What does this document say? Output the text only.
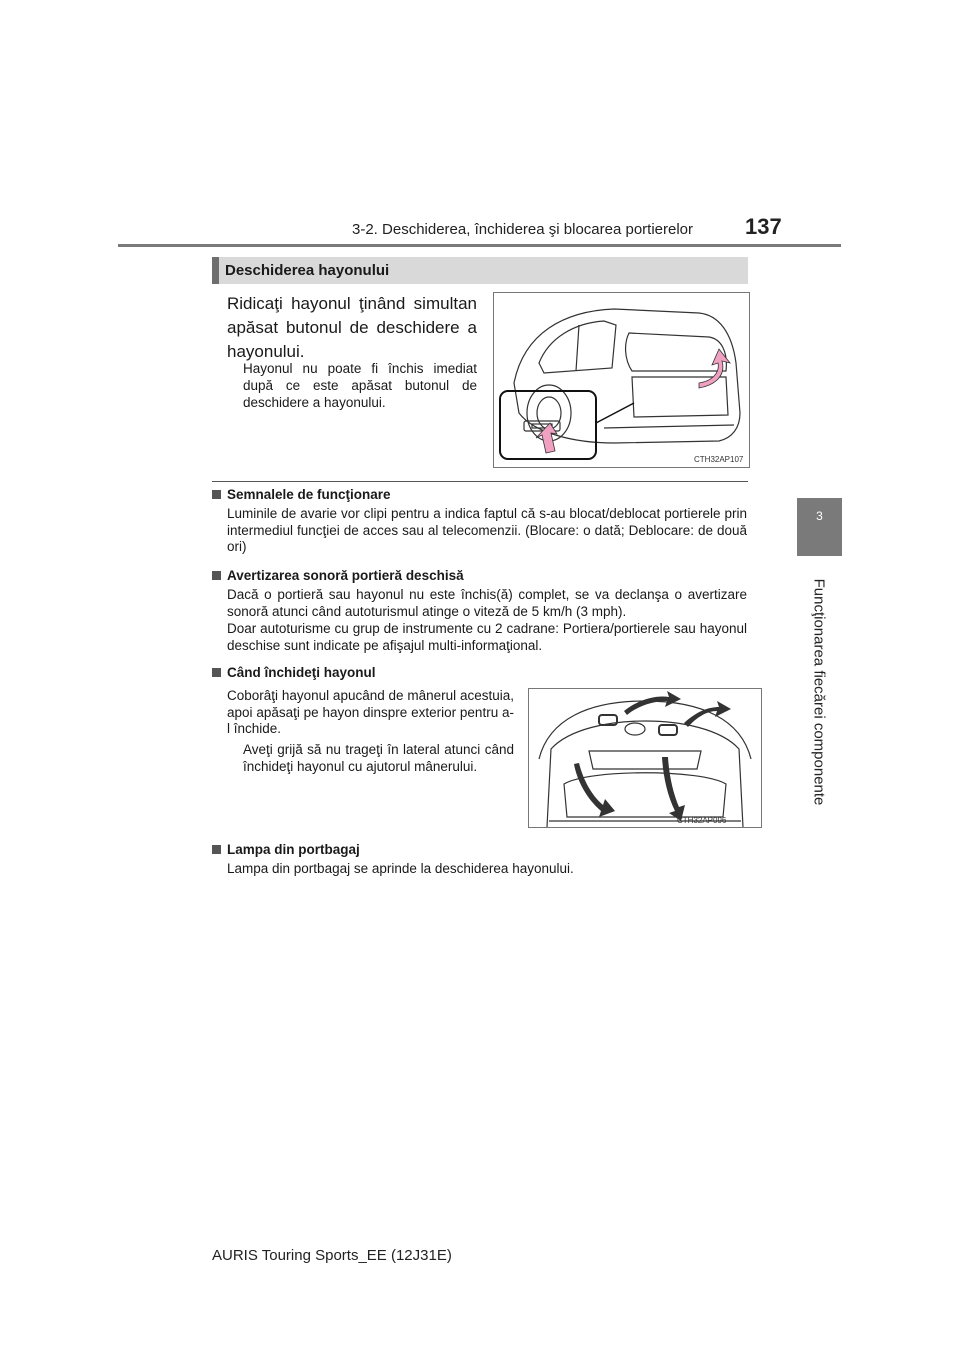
3-2. Deschiderea, închiderea şi blocarea portierelor 137
3
Funcţionarea fiecărei componente
Deschiderea hayonului
Ridicaţi hayonul ţinând simultan apăsat butonul de deschidere a hayonului.
Hayonul nu poate fi închis imediat după ce este apăsat butonul de deschidere a hayonului.
CTH32AP107
Semnalele de funcţionare
Luminile de avarie vor clipi pentru a indica faptul că s-au blocat/deblocat portierele prin intermediul funcţiei de acces sau al telecomenzii. (Blocare: o dată; Deblocare: de două ori)
Avertizarea sonoră portieră deschisă
Dacă o portieră sau hayonul nu este închis(ă) complet, se va declanşa o avertizare sonoră atunci când autoturismul atinge o viteză de 5 km/h (3 mph).
Doar autoturisme cu grup de instrumente cu 2 cadrane: Portiera/portierele sau hayonul deschise sunt indicate pe afişajul multi-informaţional.
Când închideţi hayonul
Coborâţi hayonul apucând de mânerul acestuia, apoi apăsaţi pe hayon dinspre exterior pentru a-l închide.
Aveţi grijă să nu trageţi în lateral atunci când închideţi hayonul cu ajutorul mânerului.
CTH32AP096
Lampa din portbagaj
Lampa din portbagaj se aprinde la deschiderea hayonului.
AURIS Touring Sports_EE (12J31E)
